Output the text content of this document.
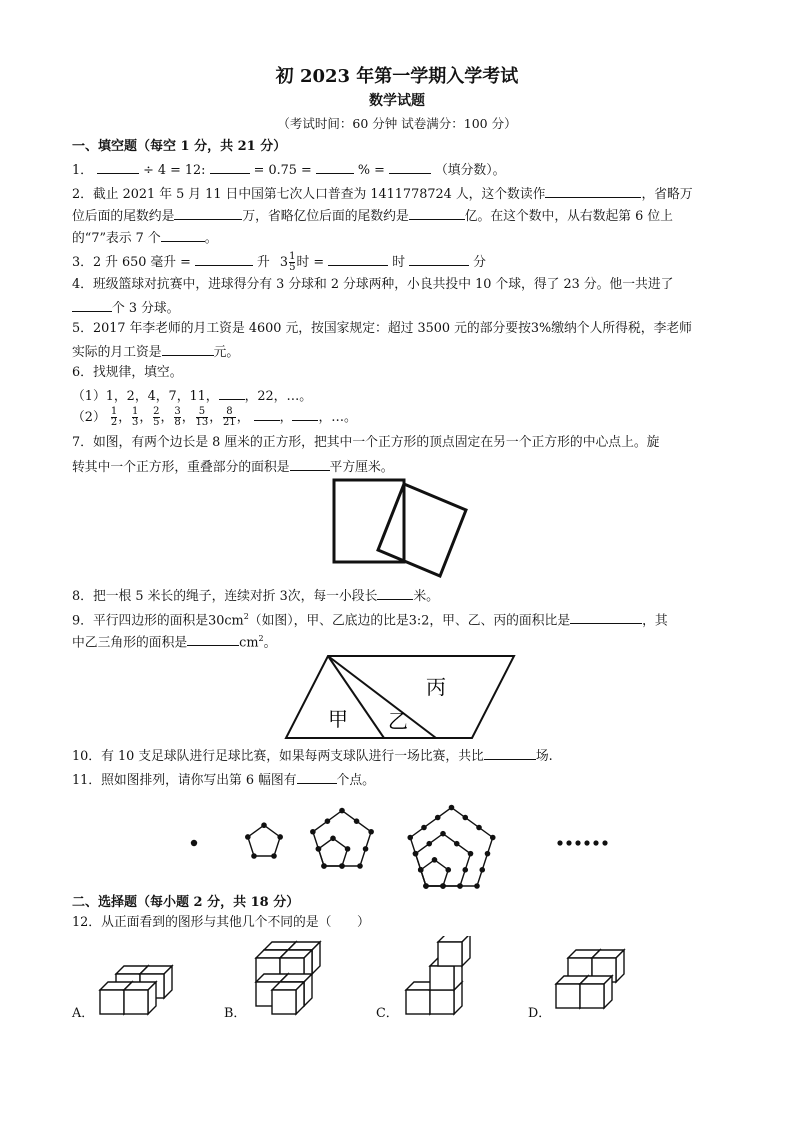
初 2023 年第一学期入学考试
数学试题
（考试时间：60 分钟 试卷满分：100 分）
一、填空题（每空 1 分，共 21 分）
1．	÷ 4 = 12:	= 0.75 =	% =	（填分数）。
2．截止 2021 年 5 月 11 日中国第七次人口普查为 1411778724 人，这个数读作	，省略万
位后面的尾数约是	万，省略亿位后面的尾数约是	亿。在这个数中，从右数起第 6 位上
的“7”表示 7 个	。
3．2 升 650 毫升 =	升 $3 \frac{1}{5}$ 时 =	时	分
4．班级篮球对抗赛中，进球得分有 3 分球和 2 分球两种，小良共投中 10 个球，得了 23 分。他一共进了
个 3 分球。
5．2017 年李老师的月工资是 4600 元，按国家规定：超过 3500 元的部分要按3%缴纳个人所得税，李老师
实际的月工资是	元。
6．找规律，填空。
（1）1，2，4，7，11， ，22，…。
$(2) \frac{1}{2}$ ， $\frac{1}{3}$ ， $\frac{2}{5}$ ， $\frac{3}{8}$ ， $\frac{5}{13}$ ， $\frac{8}{21}$ ， ， ，…。
7．如图，有两个边长是 8 厘米的正方形，把其中一个正方形的顶点固定在另一个正方形的中心点上。旋
转其中一个正方形，重叠部分的面积是	平方厘米。
8．把一根 5 米长的绳子，连续对折 3次，每一小段长	米。
9．平行四边形的面积是$30cm^2$（如图），甲、乙底边的比是3:2，甲、乙、丙的面积比是	，其
中乙三角形的面积是	$cm^2$。
甲 乙
丙
10．有 10 支足球队进行足球比赛，如果每两支球队进行一场比赛，共比	场.
11．照如图排列，请你写出第 6 幅图有	个点。
二、选择题（每小题 2 分，共 18 分）
12．从正面看到的图形与其他几个不同的是（　　）
A．	B．	C．	D．
